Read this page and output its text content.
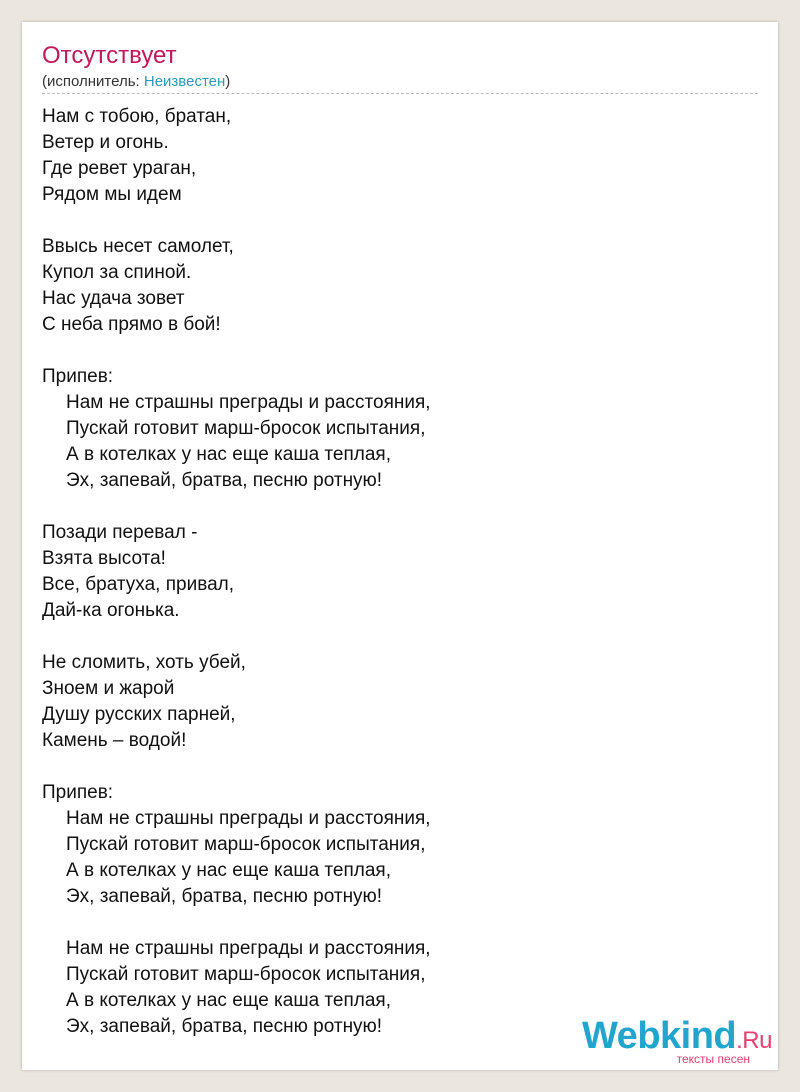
Отсутствует
(исполнитель: Неизвестен)
Нам с тобою, братан,
Ветер и огонь.
Где ревет ураган,
Рядом мы идем
Ввысь несет самолет,
Купол за спиной.
Нас удача зовет
С неба прямо в бой!
Припев:
Нам не страшны преграды и расстояния,
Пускай готовит марш-бросок испытания,
А в котелках у нас еще каша теплая,
Эх, запевай, братва, песню ротную!
Позади перевал -
Взята высота!
Все, братуха, привал,
Дай-ка огонька.
Не сломить, хоть убей,
Зноем и жарой
Душу русских парней,
Камень – водой!
Припев:
Нам не страшны преграды и расстояния,
Пускай готовит марш-бросок испытания,
А в котелках у нас еще каша теплая,
Эх, запевай, братва, песню ротную!
Нам не страшны преграды и расстояния,
Пускай готовит марш-бросок испытания,
А в котелках у нас еще каша теплая,
Эх, запевай, братва, песню ротную!	Webkind.Ru
тексты песен
